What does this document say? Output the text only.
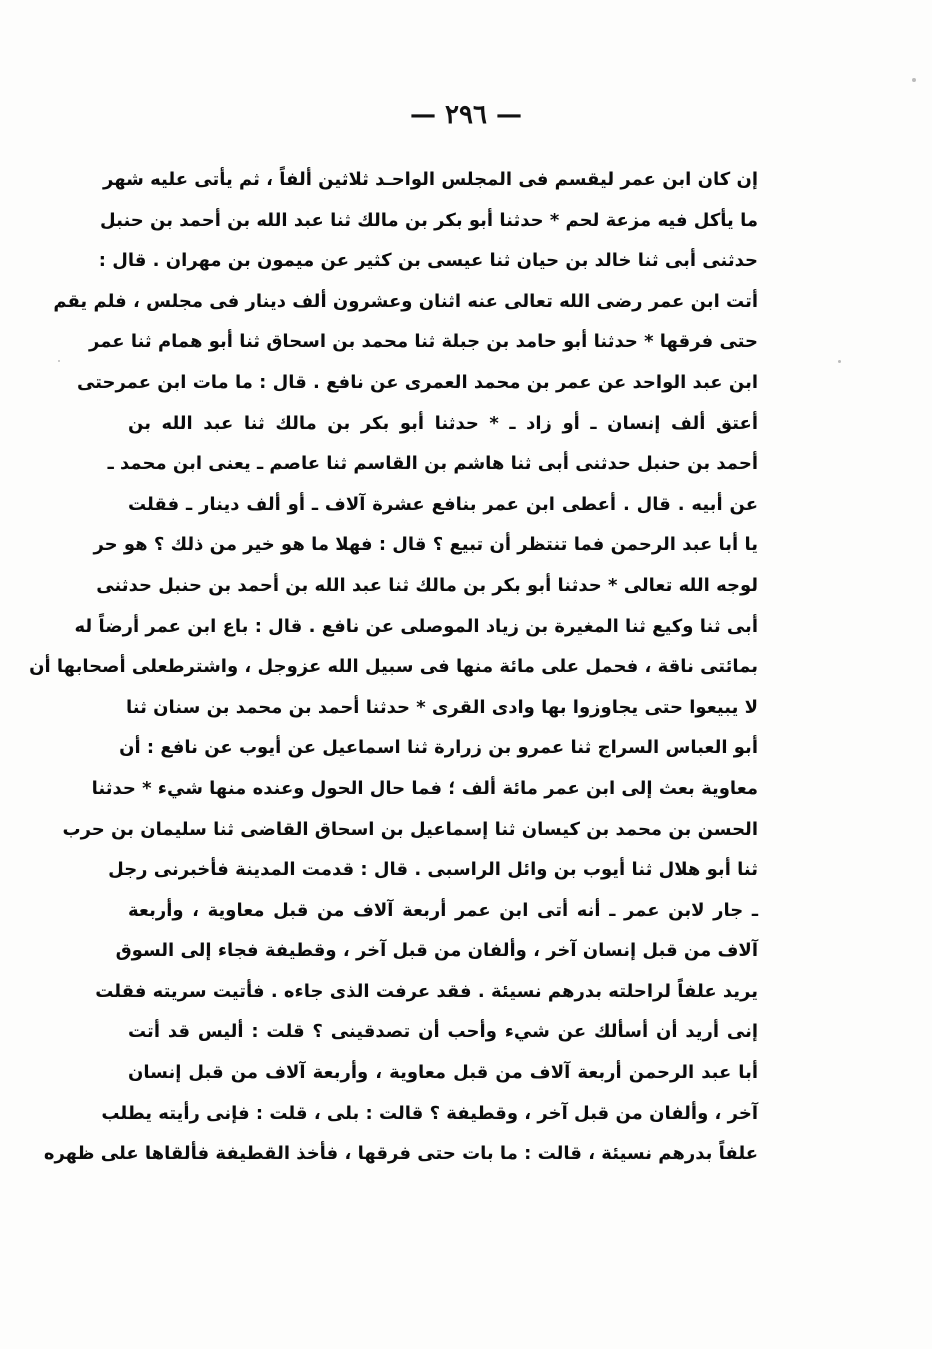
— ٢٩٦ —
إن كان ابن عمر ليقسم فى المجلس الواحـد ثلاثين ألفاً ، ثم يأتى عليه شهر
ما يأكل فيه مزعة لحم * حدثنا أبو بكر بن مالك ثنا عبد الله بن أحمد بن حنبل
حدثنى أبى ثنا خالد بن حيان ثنا عيسى بن كثير عن ميمون بن مهران . قال :
أتت ابن عمر رضى الله تعالى عنه اثنان وعشرون ألف دينار فى مجلس ، فلم يقم
حتى فرقها * حدثنا أبو حامد بن جبلة ثنا محمد بن اسحاق ثنا أبو همام ثنا عمر
ابن عبد الواحد عن عمر بن محمد العمرى عن نافع . قال : ما مات ابن عمرحتى
أعتق ألف إنسان ـ أو زاد ـ * حدثنا أبو بكر بن مالك ثنا عبد الله بن
أحمد بن حنبل حدثنى أبى ثنا هاشم بن القاسم ثنا عاصم ـ يعنى ابن محمد ـ
عن أبيه . قال . أعطى ابن عمر بنافع عشرة آلاف ـ أو ألف دينار ـ فقلت
يا أبا عبد الرحمن فما تنتظر أن تبيع ؟ قال : فهلا ما هو خير من ذلك ؟ هو حر
لوجه الله تعالى * حدثنا أبو بكر بن مالك ثنا عبد الله بن أحمد بن حنبل حدثنى
أبى ثنا وكيع ثنا المغيرة بن زياد الموصلى عن نافع . قال : باع ابن عمر أرضاً له
بمائتى ناقة ، فحمل على مائة منها فى سبيل الله عزوجل ، واشترطعلى أصحابها أن
لا يبيعوا حتى يجاوزوا بها وادى القرى * حدثنا أحمد بن محمد بن سنان ثنا
أبو العباس السراج ثنا عمرو بن زرارة ثنا اسماعيل عن أيوب عن نافع : أن
معاوية بعث إلى ابن عمر مائة ألف ؛ فما حال الحول وعنده منها شيء * حدثنا
الحسن بن محمد بن كيسان ثنا إسماعيل بن اسحاق القاضى ثنا سليمان بن حرب
ثنا أبو هلال ثنا أيوب بن وائل الراسبى . قال : قدمت المدينة فأخبرنى رجل
ـ جار لابن عمر ـ أنه أتى ابن عمر أربعة آلاف من قبل معاوية ، وأربعة
آلاف من قبل إنسان آخر ، وألفان من قبل آخر ، وقطيفة فجاء إلى السوق
يريد علفاً لراحلته بدرهم نسيئة . فقد عرفت الذى جاءه . فأتيت سريته فقلت
إنى أريد أن أسألك عن شيء وأحب أن تصدقينى ؟ قلت : أليس قد أتت
أبا عبد الرحمن أربعة آلاف من قبل معاوية ، وأربعة آلاف من قبل إنسان
آخر ، وألفان من قبل آخر ، وقطيفة ؟ قالت : بلى ، قلت : فإنى رأيته يطلب
علفاً بدرهم نسيئة ، قالت : ما بات حتى فرقها ، فأخذ القطيفة فألقاها على ظهره
